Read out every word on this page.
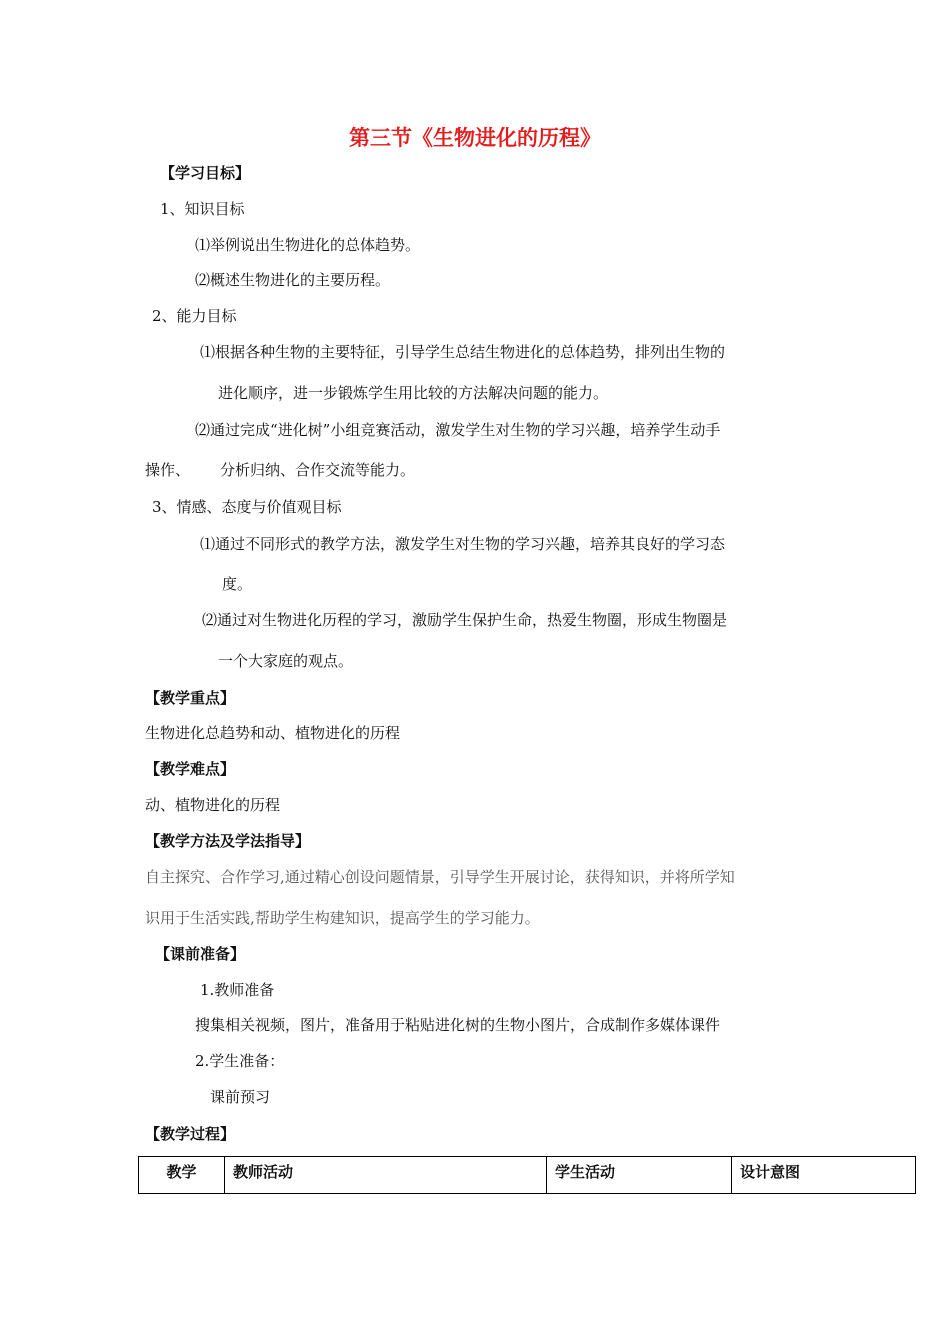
第三节《生物进化的历程》
【学习目标】
1、知识目标
⑴举例说出生物进化的总体趋势。
⑵概述生物进化的主要历程。
2、能力目标
⑴根据各种生物的主要特征，引导学生总结生物进化的总体趋势，排列出生物的
进化顺序，进一步锻炼学生用比较的方法解决问题的能力。
⑵通过完成“进化树”小组竞赛活动，激发学生对生物的学习兴趣，培养学生动手
操作、 分析归纳、合作交流等能力。
3、情感、态度与价值观目标
⑴通过不同形式的教学方法，激发学生对生物的学习兴趣，培养其良好的学习态
度。
⑵通过对生物进化历程的学习，激励学生保护生命，热爱生物圈，形成生物圈是
一个大家庭的观点。
【教学重点】
生物进化总趋势和动、植物进化的历程
【教学难点】
动、植物进化的历程
【教学方法及学法指导】
自主探究、合作学习,通过精心创设问题情景，引导学生开展讨论，获得知识，并将所学知
识用于生活实践,帮助学生构建知识，提高学生的学习能力。
【课前准备】
1.教师准备
搜集相关视频，图片，准备用于粘贴进化树的生物小图片，合成制作多媒体课件
2.学生准备：
课前预习
【教学过程】
教学	教师活动	学生活动	设计意图
